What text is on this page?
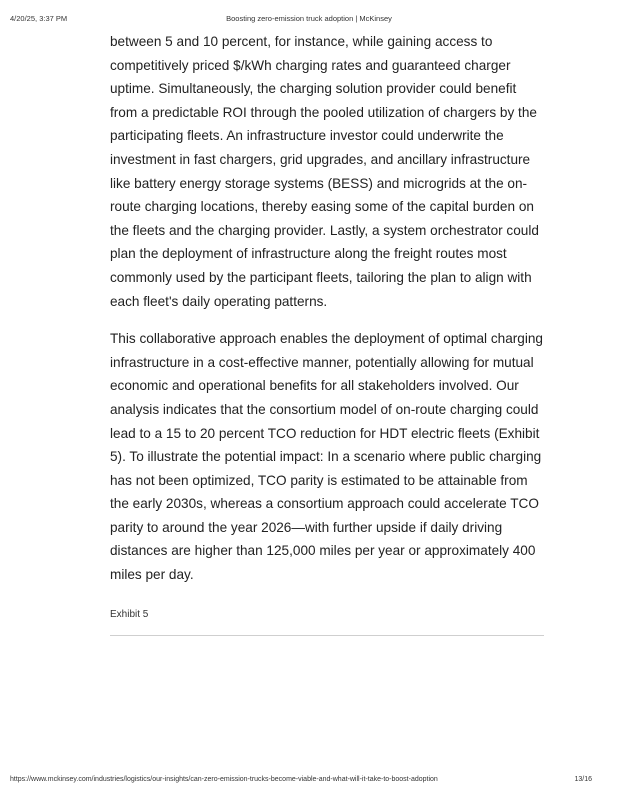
4/20/25, 3:37 PM	Boosting zero-emission truck adoption | McKinsey

between 5 and 10 percent, for instance, while gaining access to competitively priced $/kWh charging rates and guaranteed charger uptime. Simultaneously, the charging solution provider could benefit from a predictable ROI through the pooled utilization of chargers by the participating fleets. An infrastructure investor could underwrite the investment in fast chargers, grid upgrades, and ancillary infrastructure like battery energy storage systems (BESS) and microgrids at the on-route charging locations, thereby easing some of the capital burden on the fleets and the charging provider. Lastly, a system orchestrator could plan the deployment of infrastructure along the freight routes most commonly used by the participant fleets, tailoring the plan to align with each fleet's daily operating patterns.

This collaborative approach enables the deployment of optimal charging infrastructure in a cost-effective manner, potentially allowing for mutual economic and operational benefits for all stakeholders involved. Our analysis indicates that the consortium model of on-route charging could lead to a 15 to 20 percent TCO reduction for HDT electric fleets (Exhibit 5). To illustrate the potential impact: In a scenario where public charging has not been optimized, TCO parity is estimated to be attainable from the early 2030s, whereas a consortium approach could accelerate TCO parity to around the year 2026—with further upside if daily driving distances are higher than 125,000 miles per year or approximately 400 miles per day.

Exhibit 5
https://www.mckinsey.com/industries/logistics/our-insights/can-zero-emission-trucks-become-viable-and-what-will-it-take-to-boost-adoption	13/16
